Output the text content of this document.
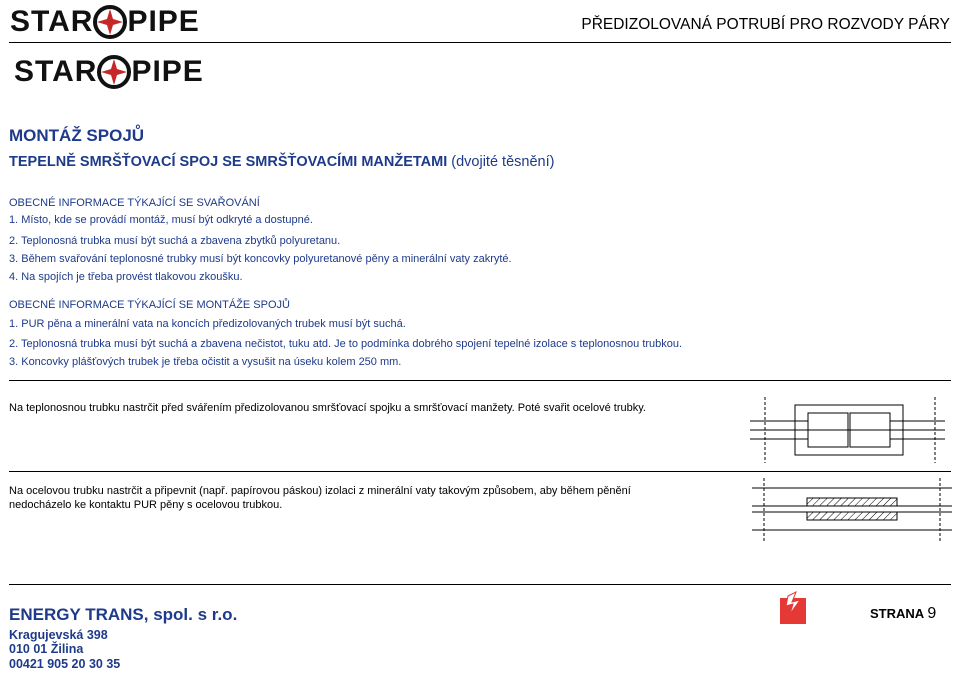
STAR PIPE
STAR PIPE
PŘEDIZOLOVANÁ POTRUBÍ PRO ROZVODY PÁRY
MONTÁŽ SPOJŮ
TEPELNĚ SMRŠŤOVACÍ SPOJ SE SMRŠŤOVACÍMI MANŽETAMI (dvojité těsnění)
OBECNÉ INFORMACE TÝKAJÍCÍ SE SVAŘOVÁNÍ
1. Místo, kde se provádí montáž, musí být odkryté a dostupné.
2. Teplonosná trubka musí být suchá a zbavena zbytků polyuretanu.
3. Během svařování teplonosné trubky musí být koncovky polyuretanové pěny a minerální vaty zakryté.
4. Na spojích je třeba provést tlakovou zkoušku.
OBECNÉ INFORMACE TÝKAJÍCÍ SE MONTÁŽE SPOJŮ
1. PUR pěna a minerální vata na koncích předizolovaných trubek musí být suchá.
2. Teplonosná trubka musí být suchá a zbavena nečistot, tuku atd. Je to podmínka dobrého spojení tepelné izolace s teplonosnou trubkou.
3. Koncovky plášťových trubek je třeba očistit a vysušit na úseku kolem 250 mm.
Na teplonosnou trubku nastrčit před svářením předizolovanou smršťovací spojku a smršťovací manžety. Poté svařit ocelové trubky.
Na ocelovou trubku nastrčit a připevnit (např. papírovou páskou) izolaci z minerální vaty takovým způsobem, aby během pěnění
nedocházelo ke kontaktu PUR pěny s ocelovou trubkou.
ENERGY TRANS, spol. s r.o.
Kragujevská 398
010 01 Žilina
00421 905 20 30 35
STRANA 9
